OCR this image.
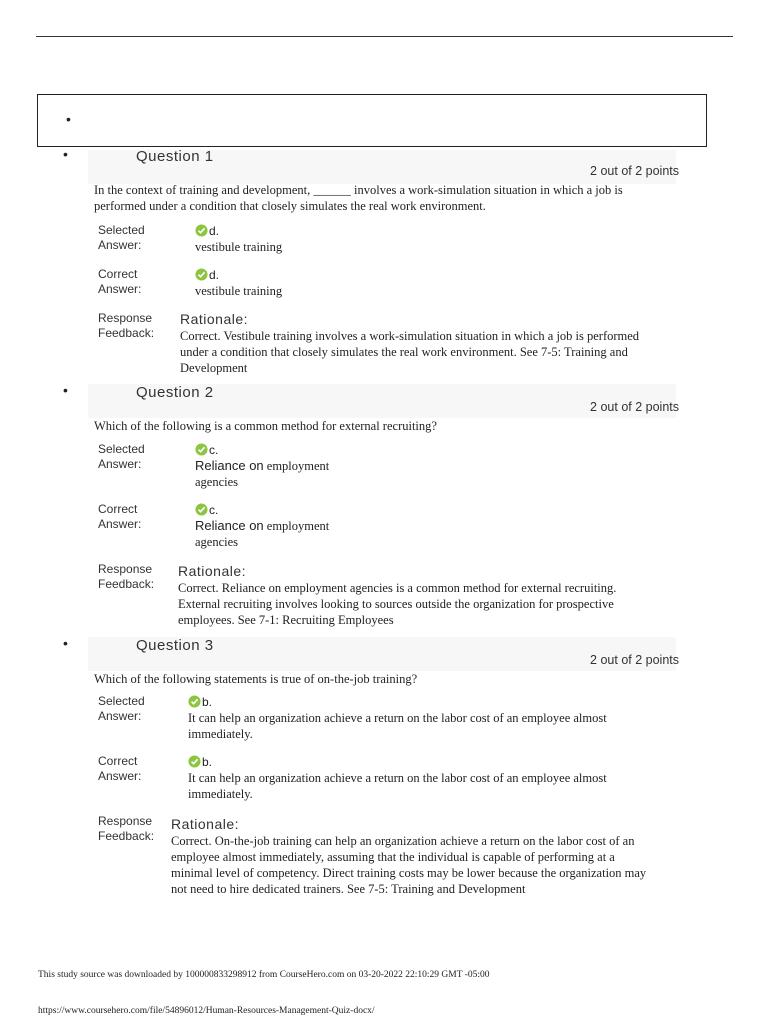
•
•	Question 1
2 out of 2 points
In the context of training and development, ______ involves a work-simulation situation in which a job is performed under a condition that closely simulates the real work environment.
Selected Answer:
d.
vestibule training
Correct Answer:
d.
vestibule training
Response Feedback:
Rationale:
Correct. Vestibule training involves a work-simulation situation in which a job is performed under a condition that closely simulates the real work environment. See 7-5: Training and Development
•	Question 2
2 out of 2 points
Which of the following is a common method for external recruiting?
Selected Answer:
c.
Reliance on employment agencies
Correct Answer:
c.
Reliance on employment agencies
Response Feedback:
Rationale:
Correct. Reliance on employment agencies is a common method for external recruiting. External recruiting involves looking to sources outside the organization for prospective employees. See 7-1: Recruiting Employees
•	Question 3
2 out of 2 points
Which of the following statements is true of on-the-job training?
Selected Answer:
b.
It can help an organization achieve a return on the labor cost of an employee almost immediately.
Correct Answer:
b.
It can help an organization achieve a return on the labor cost of an employee almost immediately.
Response Feedback:
Rationale:
Correct. On-the-job training can help an organization achieve a return on the labor cost of an employee almost immediately, assuming that the individual is capable of performing at a minimal level of competency. Direct training costs may be lower because the organization may not need to hire dedicated trainers. See 7-5: Training and Development
This study source was downloaded by 100000833298912 from CourseHero.com on 03-20-2022 22:10:29 GMT -05:00
https://www.coursehero.com/file/54896012/Human-Resources-Management-Quiz-docx/
